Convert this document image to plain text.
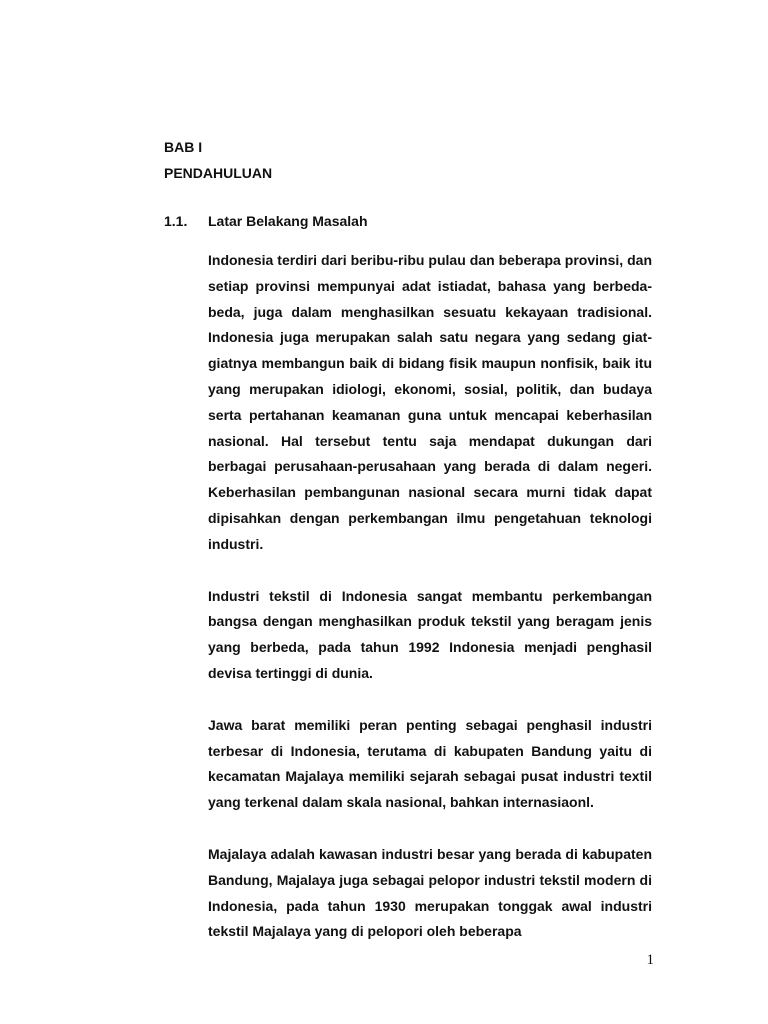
BAB I
PENDAHULUAN
1.1. Latar Belakang Masalah

Indonesia terdiri dari beribu-ribu pulau dan beberapa provinsi, dan setiap provinsi mempunyai adat istiadat, bahasa yang berbeda-beda, juga dalam menghasilkan sesuatu kekayaan tradisional. Indonesia juga merupakan salah satu negara yang sedang giat-giatnya membangun baik di bidang fisik maupun nonfisik, baik itu yang merupakan idiologi, ekonomi, sosial, politik, dan budaya serta pertahanan keamanan guna untuk mencapai keberhasilan nasional. Hal tersebut tentu saja mendapat dukungan dari berbagai perusahaan-perusahaan yang berada di dalam negeri. Keberhasilan pembangunan nasional secara murni tidak dapat dipisahkan dengan perkembangan ilmu pengetahuan teknologi industri.

Industri tekstil di Indonesia sangat membantu perkembangan bangsa dengan menghasilkan produk tekstil yang beragam jenis yang berbeda, pada tahun 1992 Indonesia menjadi penghasil devisa tertinggi di dunia.

Jawa barat memiliki peran penting sebagai penghasil industri terbesar di Indonesia, terutama di kabupaten Bandung yaitu di kecamatan Majalaya memiliki sejarah sebagai pusat industri textil yang terkenal dalam skala nasional, bahkan internasiaonl.

Majalaya adalah kawasan industri besar yang berada di kabupaten Bandung, Majalaya juga sebagai pelopor industri tekstil modern di Indonesia, pada tahun 1930 merupakan tonggak awal industri tekstil Majalaya yang di pelopori oleh beberapa

1
